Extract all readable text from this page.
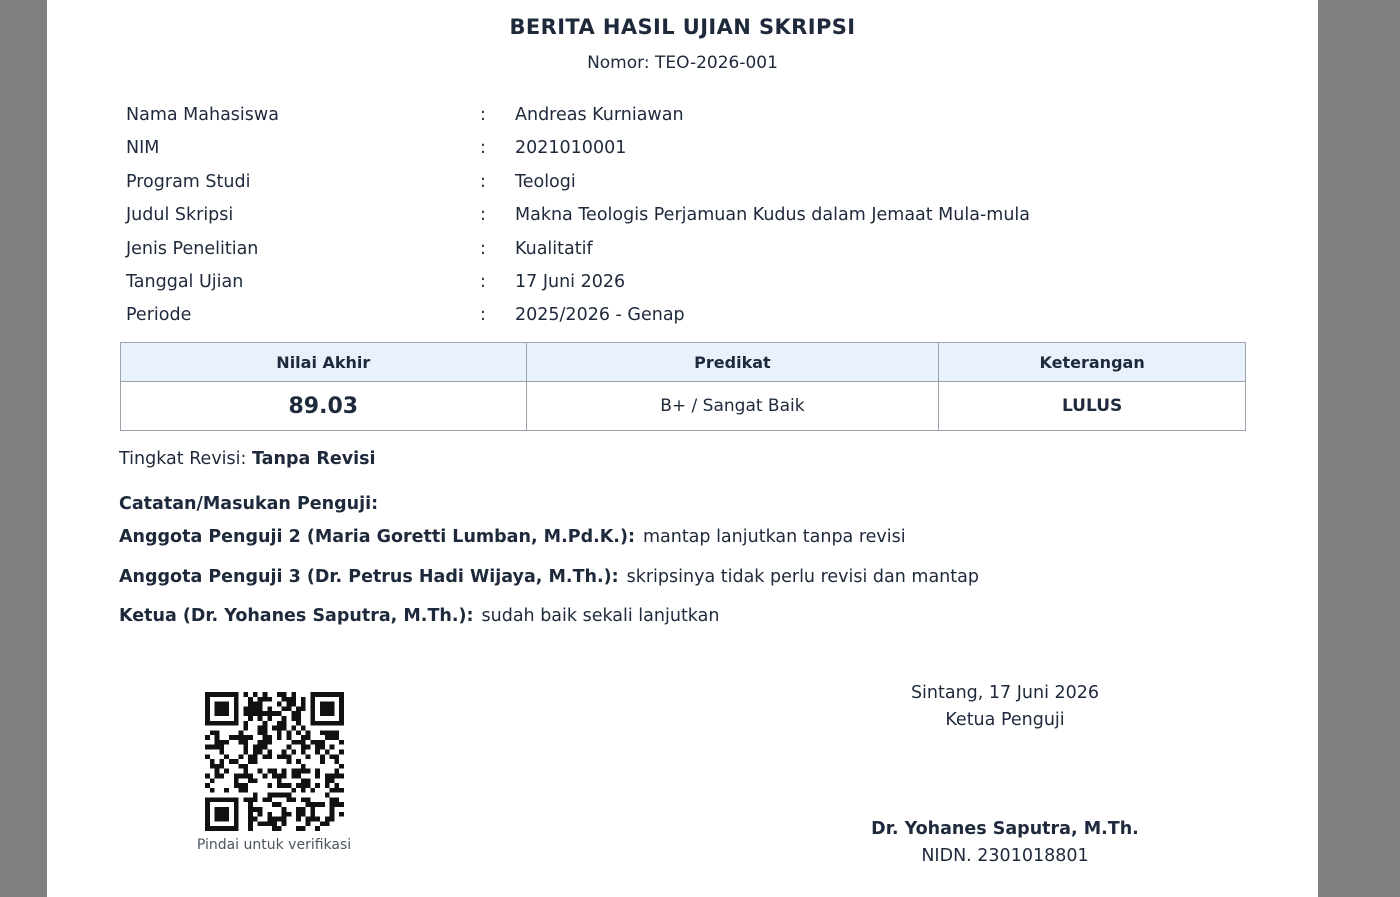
BERITA HASIL UJIAN SKRIPSI
Nomor: TEO-2026-001
Nama Mahasiswa	: Andreas Kurniawan
NIM	: 2021010001
Program Studi	: Teologi
Judul Skripsi	: Makna Teologis Perjamuan Kudus dalam Jemaat Mula-mula
Jenis Penelitian	: Kualitatif
Tanggal Ujian	: 17 Juni 2026
Periode	: 2025/2026 - Genap
Nilai Akhir	Predikat	Keterangan
89.03	B+ / Sangat Baik	LULUS
Tingkat Revisi: Tanpa Revisi
Catatan/Masukan Penguji:
Anggota Penguji 2 (Maria Goretti Lumban, M.Pd.K.): mantap lanjutkan tanpa revisi
Anggota Penguji 3 (Dr. Petrus Hadi Wijaya, M.Th.): skripsinya tidak perlu revisi dan mantap
Ketua (Dr. Yohanes Saputra, M.Th.): sudah baik sekali lanjutkan
Pindai untuk verifikasi
Sintang, 17 Juni 2026
Ketua Penguji
Dr. Yohanes Saputra, M.Th.
NIDN. 2301018801
